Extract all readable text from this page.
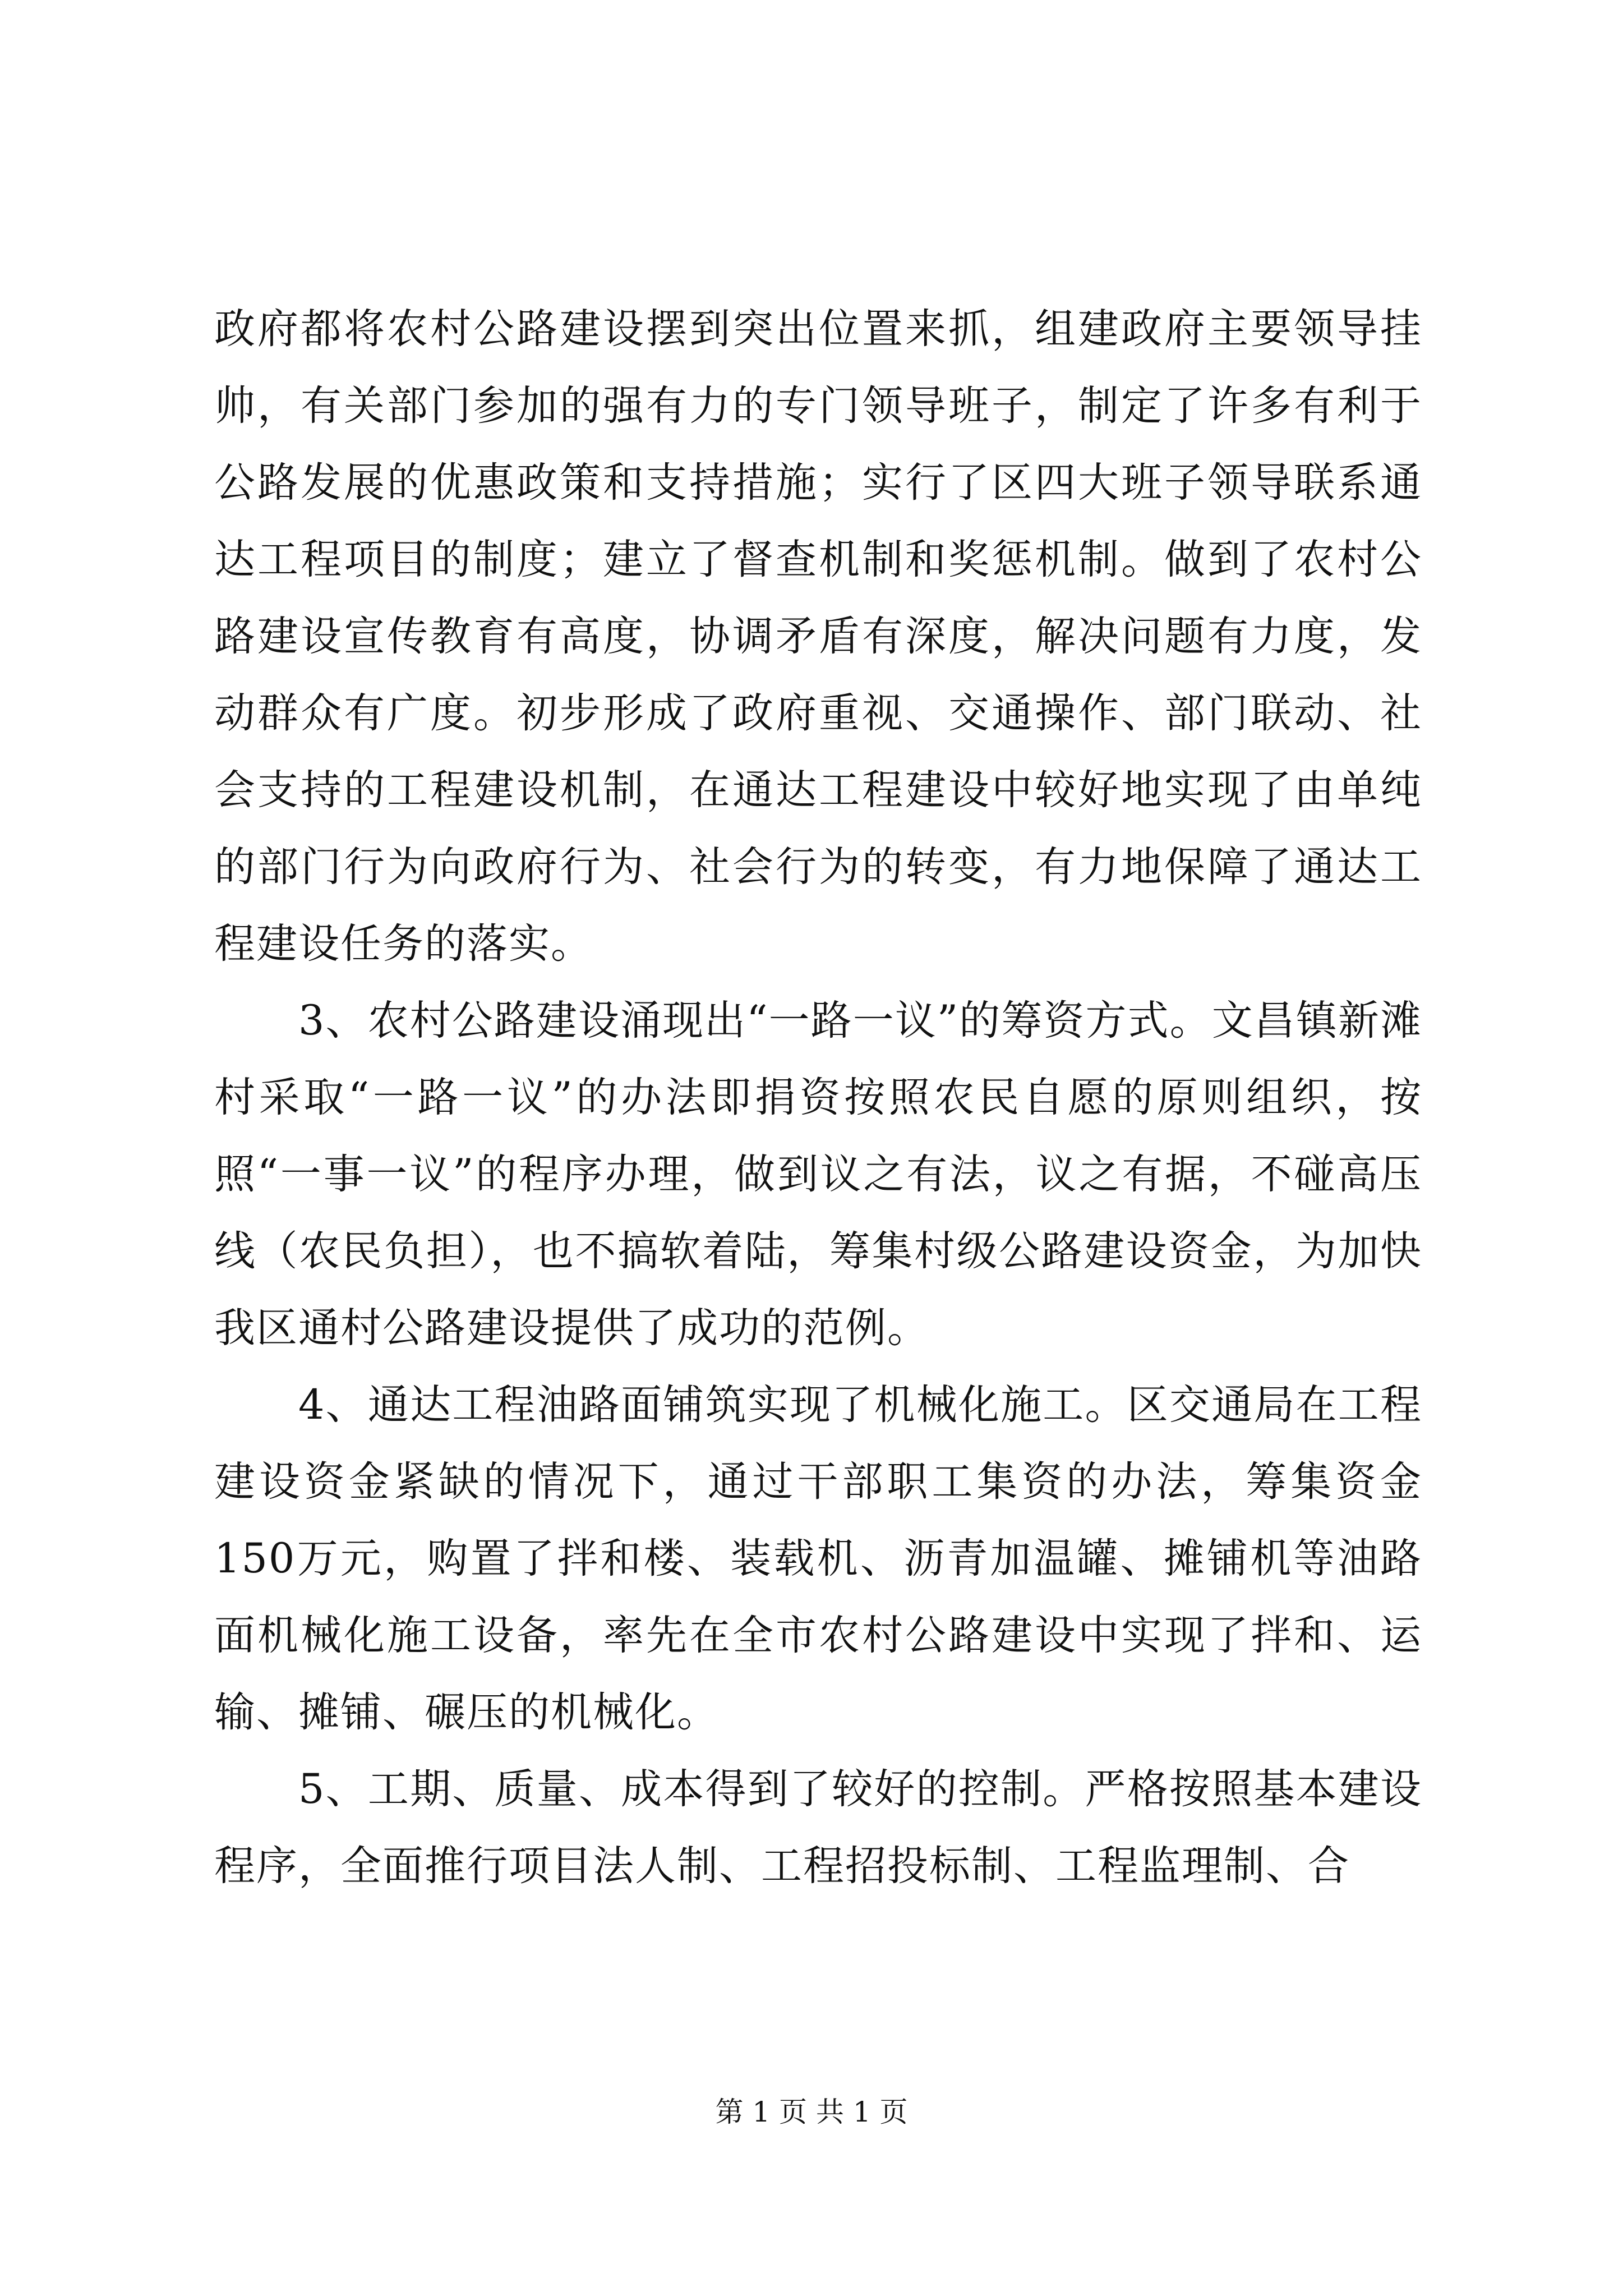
政府都将农村公路建设摆到突出位置来抓，组建政府主要领导挂帅，有关部门参加的强有力的专门领导班子，制定了许多有利于公路发展的优惠政策和支持措施；实行了区四大班子领导联系通达工程项目的制度；建立了督查机制和奖惩机制。做到了农村公路建设宣传教育有高度，协调矛盾有深度，解决问题有力度，发动群众有广度。初步形成了政府重视、交通操作、部门联动、社会支持的工程建设机制，在通达工程建设中较好地实现了由单纯的部门行为向政府行为、社会行为的转变，有力地保障了通达工程建设任务的落实。

3、农村公路建设涌现出“一路一议”的筹资方式。文昌镇新滩村采取“一路一议”的办法即捐资按照农民自愿的原则组织，按照“一事一议”的程序办理，做到议之有法，议之有据，不碰高压线（农民负担），也不搞软着陆，筹集村级公路建设资金，为加快我区通村公路建设提供了成功的范例。

4、通达工程油路面铺筑实现了机械化施工。区交通局在工程建设资金紧缺的情况下，通过干部职工集资的办法，筹集资金150万元，购置了拌和楼、装载机、沥青加温罐、摊铺机等油路面机械化施工设备，率先在全市农村公路建设中实现了拌和、运输、摊铺、碾压的机械化。

5、工期、质量、成本得到了较好的控制。严格按照基本建设程序，全面推行项目法人制、工程招投标制、工程监理制、合

第 1 页 共 1 页
